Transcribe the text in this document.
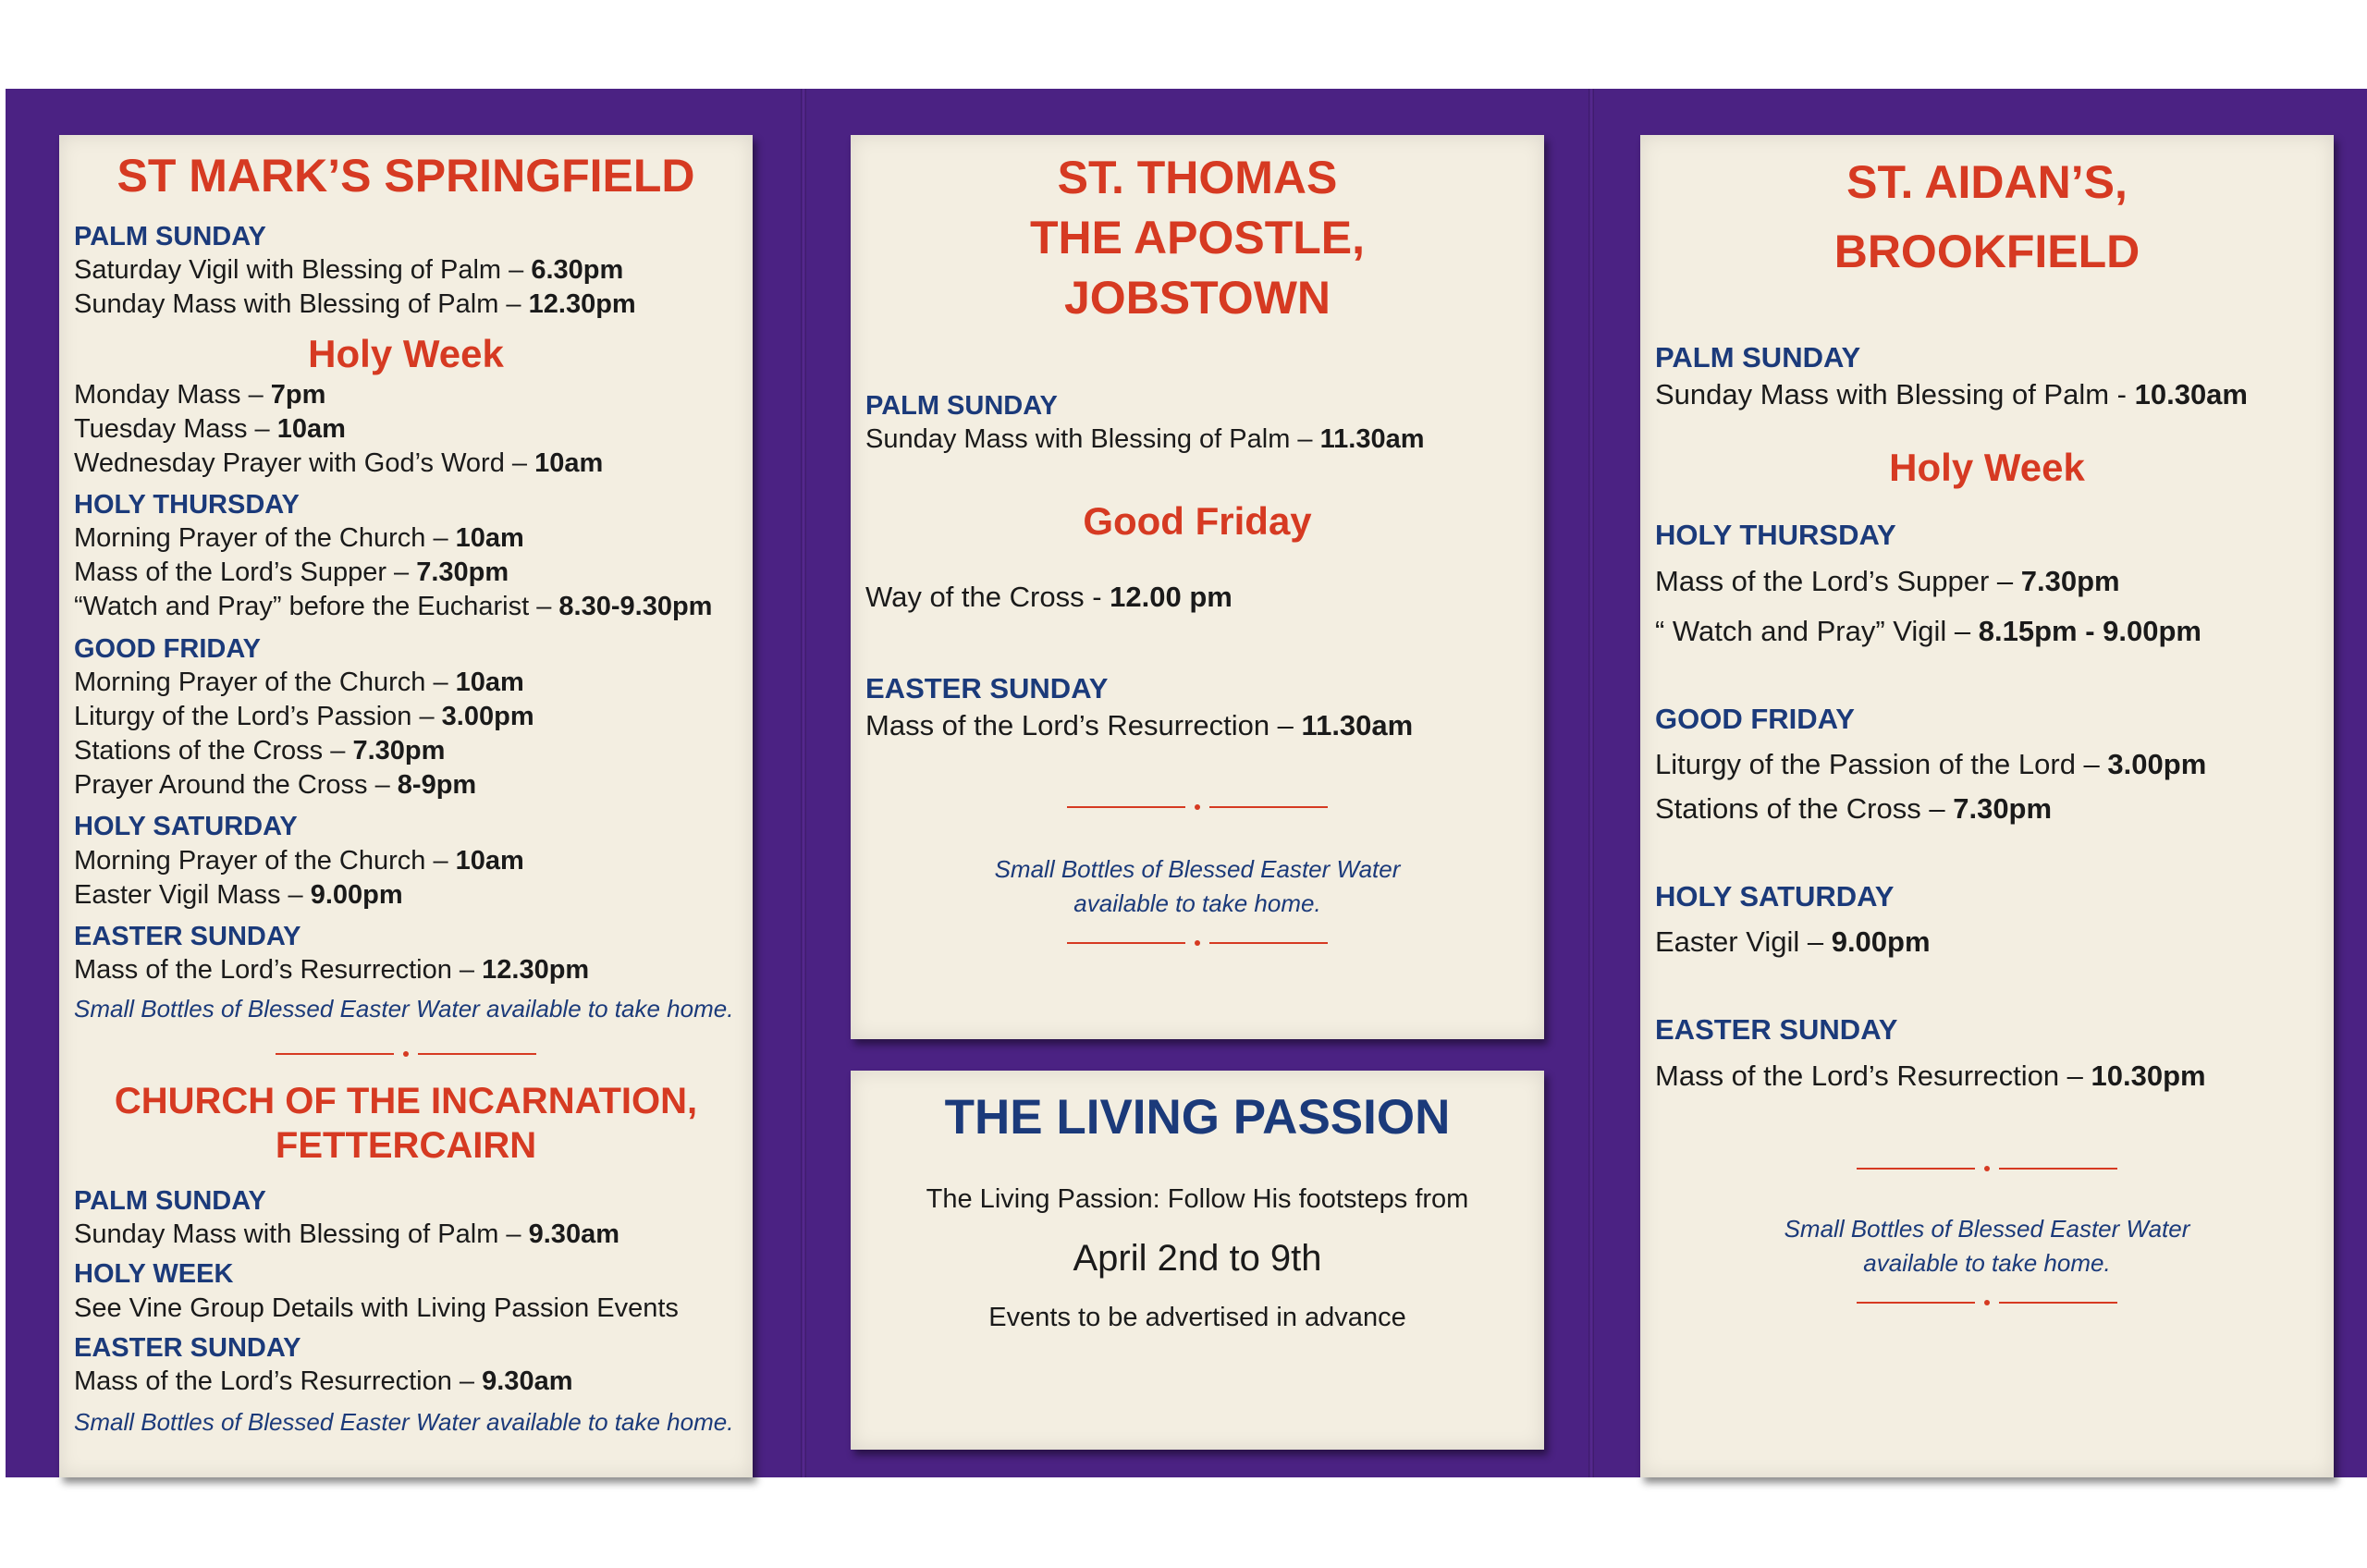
ST MARK’S SPRINGFIELD

PALM SUNDAY

Saturday Vigil with Blessing of Palm – 6.30pm

Sunday Mass with Blessing of Palm – 12.30pm

Holy Week

Monday Mass – 7pm

Tuesday Mass – 10am

Wednesday Prayer with God’s Word – 10am

HOLY THURSDAY

Morning Prayer of the Church – 10am

Mass of the Lord’s Supper – 7.30pm

“Watch and Pray” before the Eucharist – 8.30-9.30pm

GOOD FRIDAY

Morning Prayer of the Church – 10am

Liturgy of the Lord’s Passion – 3.00pm

Stations of the Cross – 7.30pm

Prayer Around the Cross – 8-9pm

HOLY SATURDAY

Morning Prayer of the Church – 10am

Easter Vigil Mass – 9.00pm

EASTER SUNDAY

Mass of the Lord’s Resurrection – 12.30pm

Small Bottles of Blessed Easter Water available to take home.

CHURCH OF THE INCARNATION,
FETTERCAIRN

PALM SUNDAY

Sunday Mass with Blessing of Palm – 9.30am

HOLY WEEK

See Vine Group Details with Living Passion Events

EASTER SUNDAY

Mass of the Lord’s Resurrection – 9.30am

Small Bottles of Blessed Easter Water available to take home.

ST. THOMAS
THE APOSTLE,
JOBSTOWN

PALM SUNDAY

Sunday Mass with Blessing of Palm – 11.30am

Good Friday

Way of the Cross - 12.00 pm

EASTER SUNDAY

Mass of the Lord’s Resurrection – 11.30am

Small Bottles of Blessed Easter Water
available to take home.

THE LIVING PASSION

The Living Passion: Follow His footsteps from

April 2nd to 9th

Events to be advertised in advance

ST. AIDAN’S,
BROOKFIELD

PALM SUNDAY

Sunday Mass with Blessing of Palm - 10.30am

Holy Week

HOLY THURSDAY

Mass of the Lord’s Supper – 7.30pm

“ Watch and Pray” Vigil – 8.15pm - 9.00pm

GOOD FRIDAY

Liturgy of the Passion of the Lord – 3.00pm

Stations of the Cross – 7.30pm

HOLY SATURDAY

Easter Vigil – 9.00pm

EASTER SUNDAY

Mass of the Lord’s Resurrection – 10.30pm

Small Bottles of Blessed Easter Water
available to take home.
